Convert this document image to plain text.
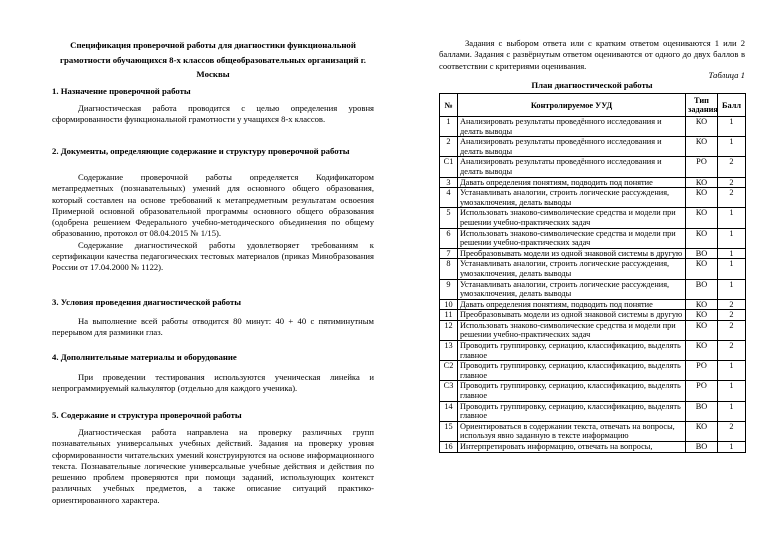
Спецификация проверочной работы для диагностики функциональной грамотности обучающихся 8-х классов общеобразовательных организаций г. Москвы
1. Назначение проверочной работы

Диагностическая работа проводится с целью определения уровня сформированности функциональной грамотности у учащихся 8-х классов.

2. Документы, определяющие содержание и структуру проверочной работы

Содержание проверочной работы определяется Кодификатором метапредметных (познавательных) умений для основного общего образования, который составлен на основе требований к метапредметным результатам освоения Примерной основной образовательной программы основного общего образования (одобрена решением Федерального учебно-методического объединения по общему образованию, протокол от 08.04.2015 № 1/15).

Содержание диагностической работы удовлетворяет требованиям к сертификации качества педагогических тестовых материалов (приказ Минобразования России от 17.04.2000 № 1122).

3. Условия проведения диагностической работы

На выполнение всей работы отводится 80 минут: 40 + 40 с пятиминутным перерывом для разминки глаз.

4. Дополнительные материалы и оборудование

При проведении тестирования используются ученическая линейка и непрограммируемый калькулятор (отдельно для каждого ученика).

5. Содержание и структура проверочной работы

Диагностическая работа направлена на проверку различных групп познавательных универсальных учебных действий. Задания на проверку уровня сформированности читательских умений конструируются на основе информационного текста. Познавательные логические универсальные учебные действия и действия по решению проблем проверяются при помощи заданий, использующих контекст различных учебных предметов, а также описание ситуаций практико-ориентированного характера.

Задания с выбором ответа или с кратким ответом оцениваются 1 или 2 баллами. Задания с развёрнутым ответом оцениваются от одного до двух баллов в соответствии с критериями оценивания.

Таблица 1
№	Контролируемое УУД	Тип задания	Балл
1	Анализировать результаты проведённого исследования и делать выводы	КО	1
2	Анализировать результаты проведённого исследования и делать выводы	КО	1
С1	Анализировать результаты проведённого исследования и делать выводы	РО	2
3	Давать определения понятиям, подводить под понятие	КО	2
4	Устанавливать аналогии, строить логические рассуждения, умозаключения, делать выводы	КО	2
5	Использовать знаково-символические средства и модели при решении учебно-практических задач	КО	1
6	Использовать знаково-символические средства и модели при решении учебно-практических задач	КО	1
7	Преобразовывать модели из одной знаковой системы в другую	ВО	1
8	Устанавливать аналогии, строить логические рассуждения, умозаключения, делать выводы	КО	1
9	Устанавливать аналогии, строить логические рассуждения, умозаключения, делать выводы	ВО	1
10	Давать определения понятиям, подводить под понятие	КО	2
11	Преобразовывать модели из одной знаковой системы в другую	КО	2
12	Использовать знаково-символические средства и модели при решении учебно-практических задач	КО	2
13	Проводить группировку, сериацию, классификацию, выделять главное	КО	2
С2	Проводить группировку, сериацию, классификацию, выделять главное	РО	1
С3	Проводить группировку, сериацию, классификацию, выделять главное	РО	1
14	Проводить группировку, сериацию, классификацию, выделять главное	ВО	1
15	Ориентироваться в содержании текста, отвечать на вопросы, используя явно заданную в тексте информацию	КО	2
16	Интерпретировать информацию, отвечать на вопросы,	ВО	1
План диагностической работы
